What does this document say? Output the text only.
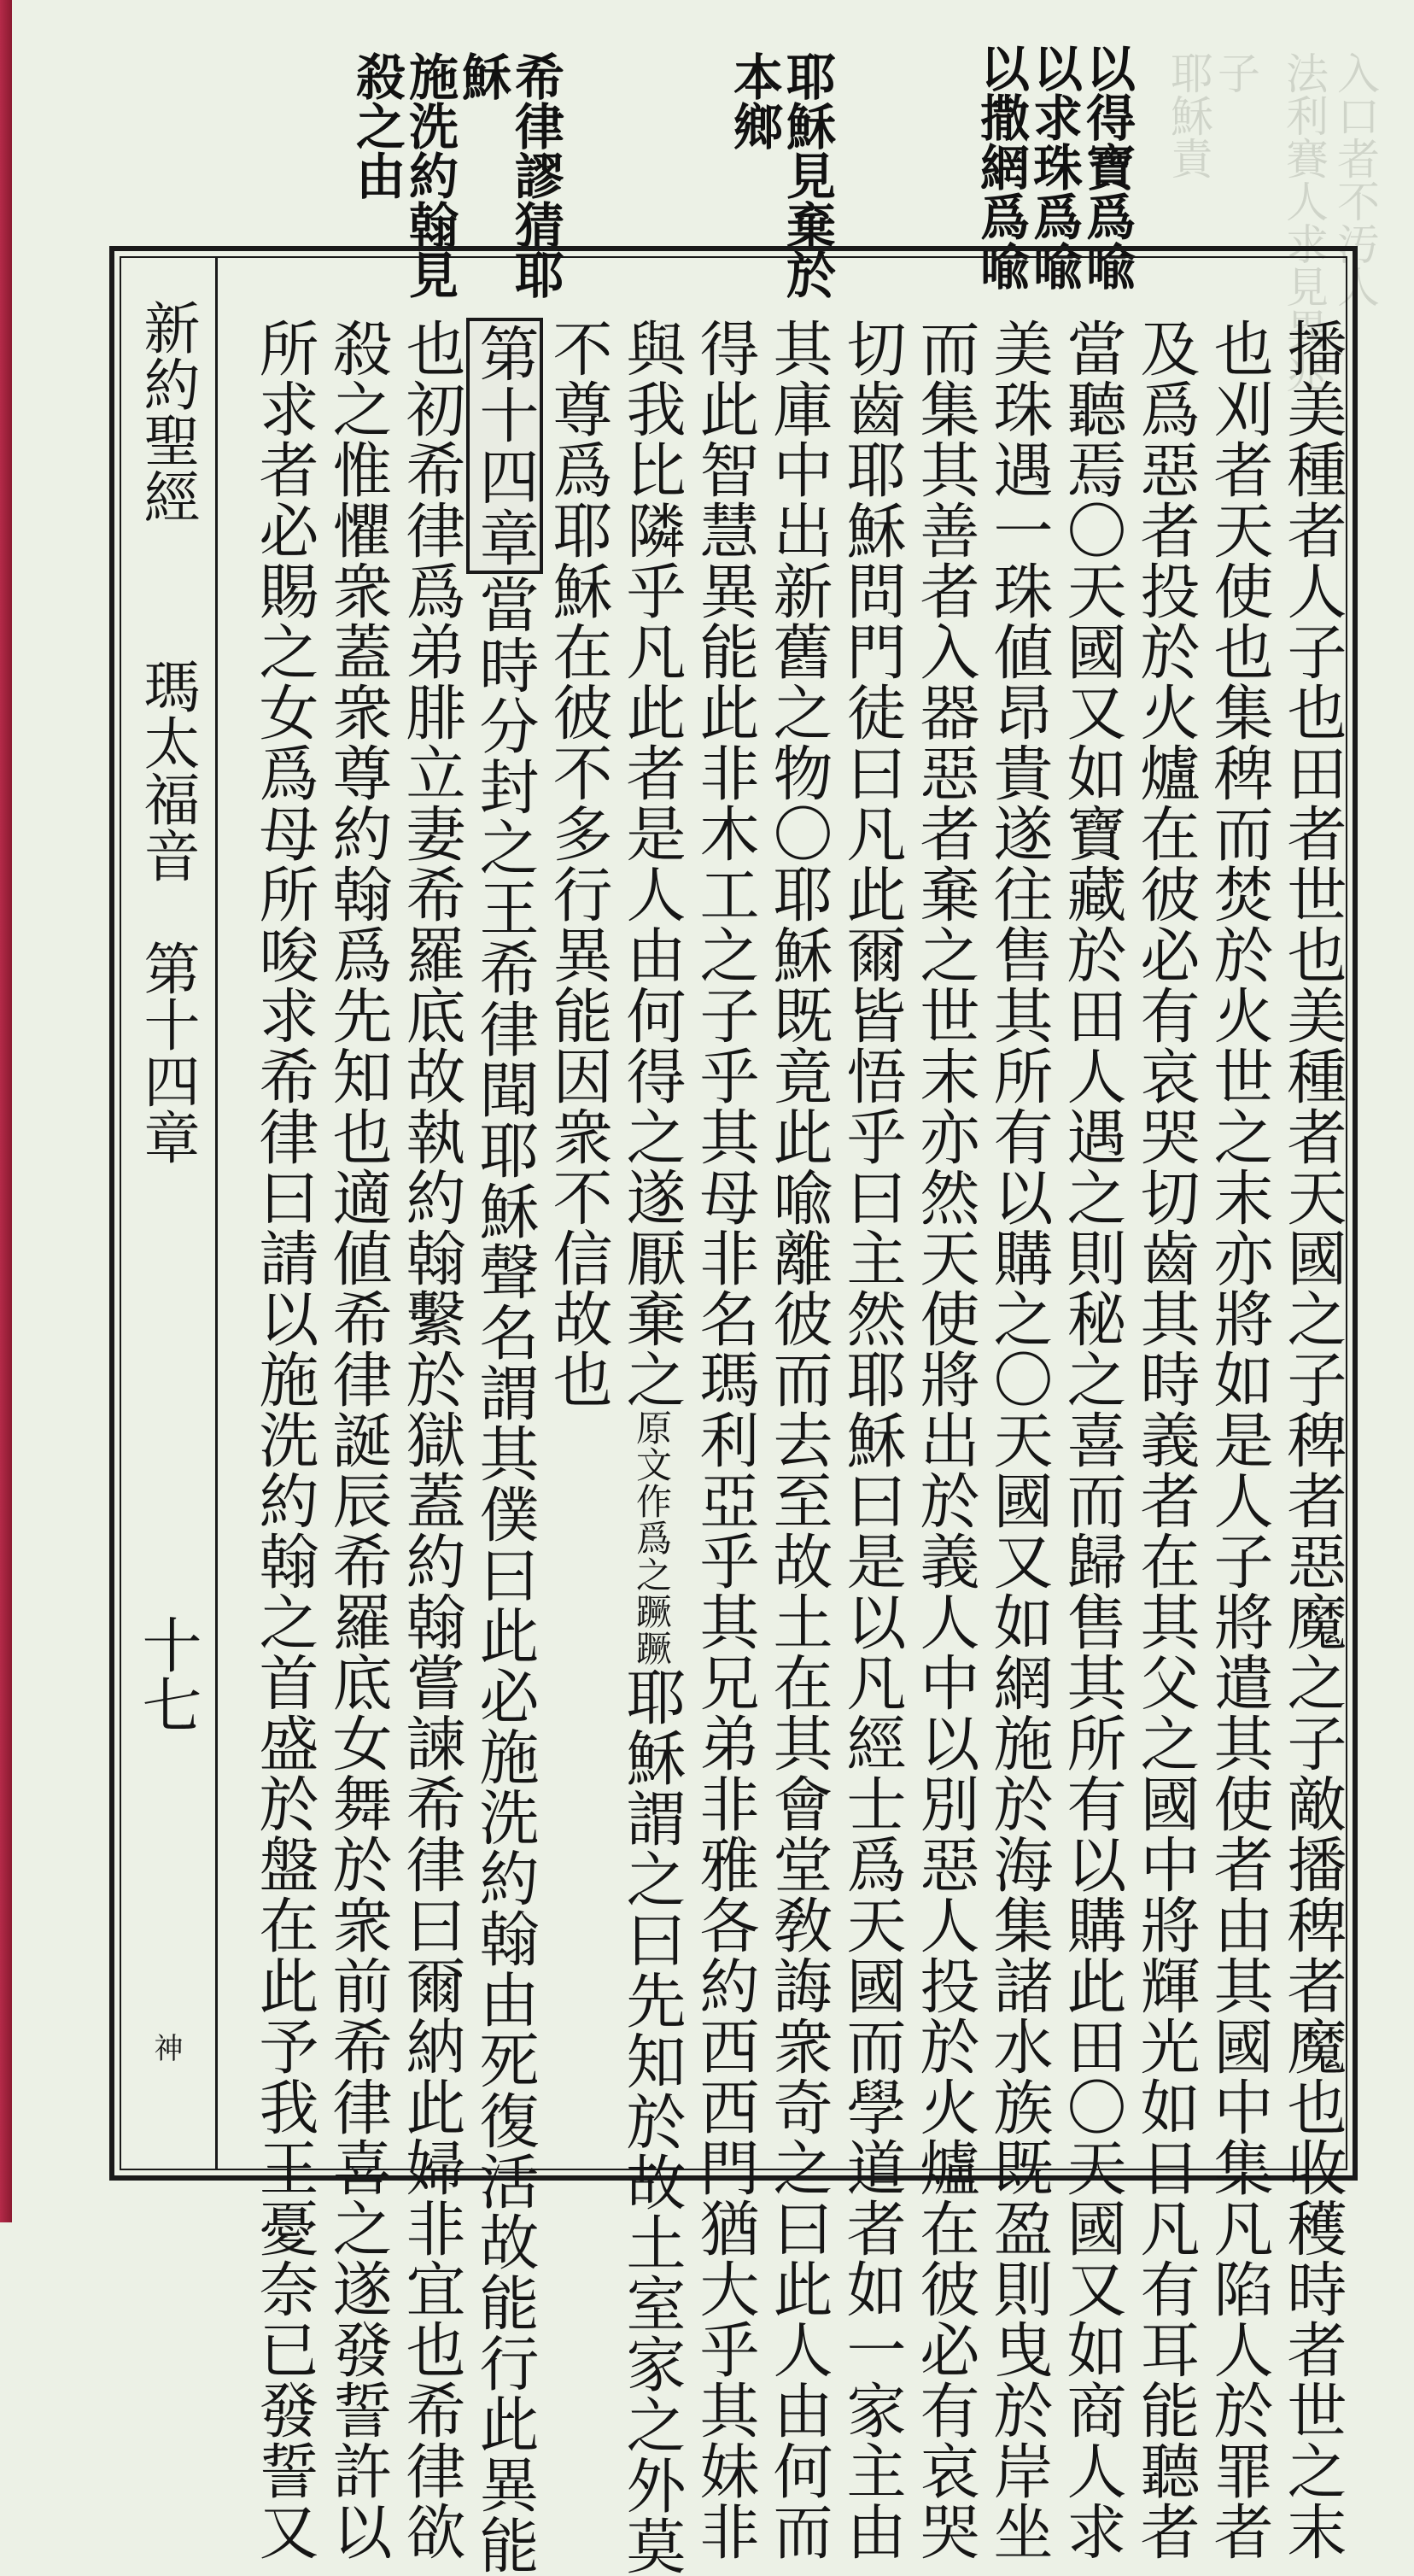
入口者不汚人
法利賽人求見異兆
子
耶穌責
以得寶爲喩
以求珠爲喩
以撒網爲喩
耶穌見棄於
本鄉
希律謬猜耶
穌
施洗約翰見
殺之由
新約聖經
瑪太福音
第十四章
十七
神	播美種者人子也田者世也美種者天國之子稗者惡魔之子敵播稗者魔也收穫時者世之末
也刈者天使也集稗而焚於火世之末亦將如是人子將遣其使者由其國中集凡陷人於罪者
及爲惡者投於火爐在彼必有哀哭切齒其時義者在其父之國中將輝光如日凡有耳能聽者
當聽焉〇天國又如寶藏於田人遇之則秘之喜而歸售其所有以購此田〇天國又如商人求
美珠遇一珠値昂貴遂往售其所有以購之〇天國又如網施於海集諸水族既盈則曳於岸坐
而集其善者入器惡者棄之世末亦然天使將出於義人中以別惡人投於火爐在彼必有哀哭
切齒耶穌問門徒曰凡此爾皆悟乎曰主然耶穌曰是以凡經士爲天國而學道者如一家主由
其庫中出新舊之物〇耶穌既竟此喩離彼而去至故土在其會堂敎誨衆奇之曰此人由何而
得此智慧異能此非木工之子乎其母非名瑪利亞乎其兄弟非雅各約西西門猶大乎其妹非
與我比隣乎凡此者是人由何得之遂厭棄之原文作爲之蹶蹶耶穌謂之曰先知於故土室家之外莫
不尊爲耶穌在彼不多行異能因衆不信故也
第十四章當時分封之王希律聞耶穌聲名謂其僕曰此必施洗約翰由死復活故能行此異能
也初希律爲弟腓立妻希羅底故執約翰繫於獄蓋約翰嘗諫希律曰爾納此婦非宜也希律欲
殺之惟懼衆蓋衆尊約翰爲先知也適値希律誕辰希羅底女舞於衆前希律喜之遂發誓許以
所求者必賜之女爲母所唆求希律曰請以施洗約翰之首盛於盤在此予我王憂奈已發誓又
